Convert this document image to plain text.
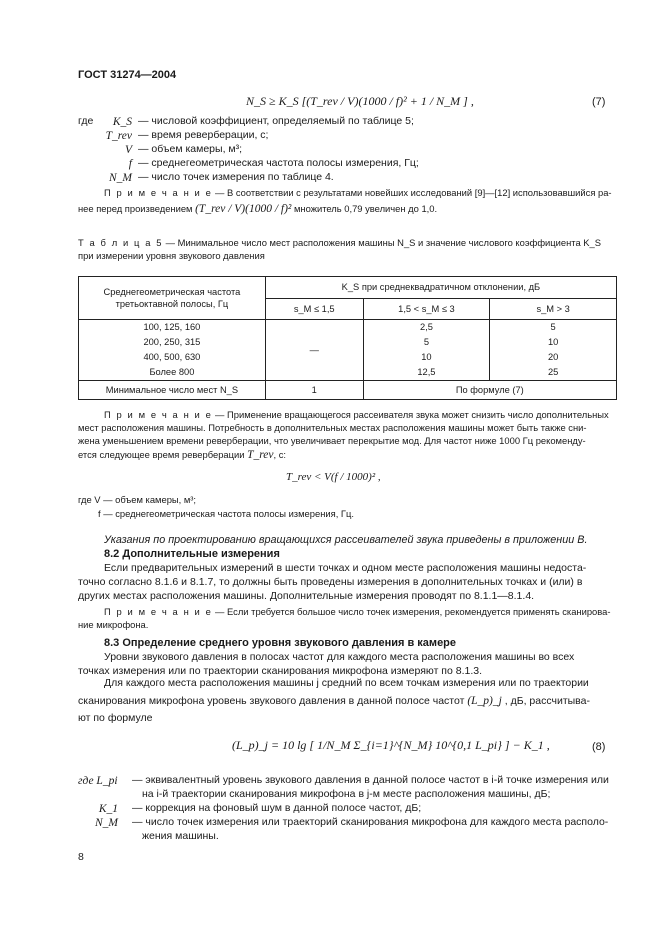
ГОСТ 31274—2004
N_S ≥ K_S [(T_rev / V)(1000 / f)² + 1 / N_M ] ,	(7)
где	K_S — числовой коэффициент, определяемый по таблице 5;
T_rev — время реверберации, с;
V — объем камеры, м³;
f — среднегеометрическая частота полосы измерения, Гц;
N_M — число точек измерения по таблице 4.
П р и м е ч а н и е — В соответствии с результатами новейших исследований [9]—[12] использовавшийся ра-
нее перед произведением (T_rev / V)(1000 / f)² множитель 0,79 увеличен до 1,0.
Т а б л и ц а 5 — Минимальное число мест расположения машины N_S и значение числового коэффициента K_S
при измерении уровня звукового давления
Среднегеометрическая частота третьоктавной полосы, Гц	K_S при среднеквадратичном отклонении, дБ		
	s_M ≤ 1,5	1,5 < s_M ≤ 3	s_M > 3
100, 125, 160	—	2,5	5
200, 250, 315		5	10
400, 500, 630		10	20
Более 800		12,5	25
Минимальное число мест N_S	1	По формуле (7)	
П р и м е ч а н и е — Применение вращающегося рассеивателя звука может снизить число дополнительных
мест расположения машины. Потребность в дополнительных местах расположения машины может быть также сни-
жена уменьшением времени реверберации, что увеличивает перекрытие мод. Для частот ниже 1000 Гц рекоменду-
ется следующее время реверберации T_rev, с:
T_rev < V(f / 1000)² ,
где V — объем камеры, м³;
f — среднегеометрическая частота полосы измерения, Гц.
Указания по проектированию вращающихся рассеивателей звука приведены в приложении В.
8.2 Дополнительные измерения
Если предварительных измерений в шести точках и одном месте расположения машины недоста-
точно согласно 8.1.6 и 8.1.7, то должны быть проведены измерения в дополнительных точках и (или) в
других местах расположения машины. Дополнительные измерения проводят по 8.1.1—8.1.4.
П р и м е ч а н и е — Если требуется большое число точек измерения, рекомендуется применять сканирова-
ние микрофона.
8.3 Определение среднего уровня звукового давления в камере
Уровни звукового давления в полосах частот для каждого места расположения машины во всех
точках измерения или по траектории сканирования микрофона измеряют по 8.1.3.
Для каждого места расположения машины j средний по всем точкам измерения или по траектории
сканирования микрофона уровень звукового давления в данной полосе частот (L_p)_j , дБ, рассчитыва-
ют по формуле
(L_p)_j = 10 lg [ 1/N_M Σ_{i=1}^{N_M} 10^{0,1 L_pi} ] − K_1 ,	(8)
где L_pi	— эквивалентный уровень звукового давления в данной полосе частот в i-й точке измерения или
на i-й траектории сканирования микрофона в j-м месте расположения машины, дБ;
K_1 — коррекция на фоновый шум в данной полосе частот, дБ;
N_M — число точек измерения или траекторий сканирования микрофона для каждого места располо-
жения машины.
8
